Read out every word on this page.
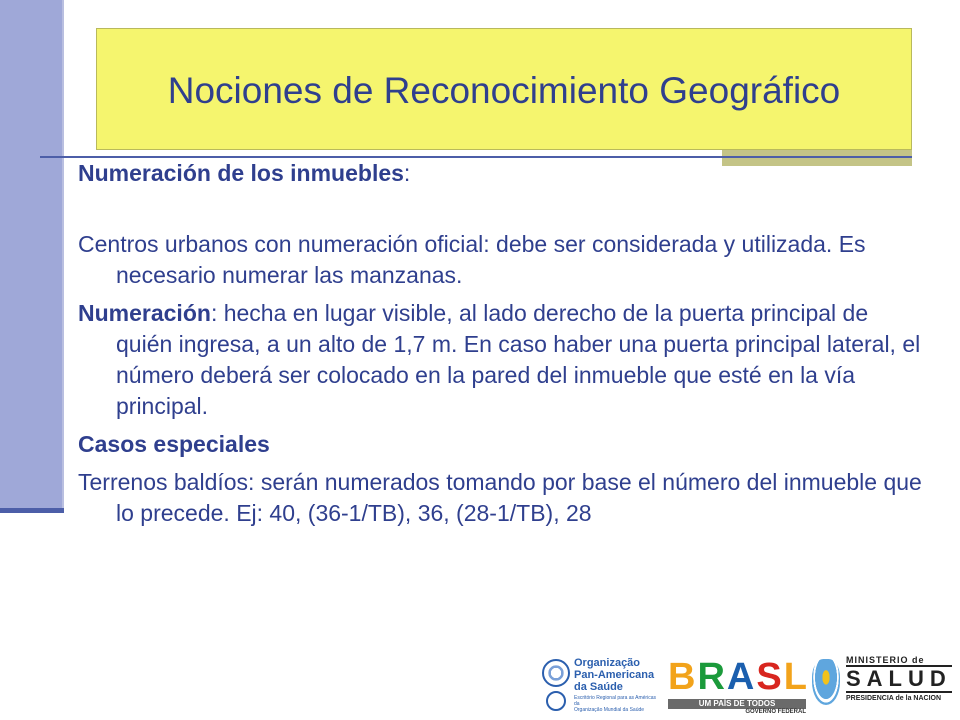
Nociones de Reconocimiento Geográfico

Numeración de los inmuebles:

Centros urbanos con numeración oficial: debe ser considerada y utilizada. Es necesario numerar las manzanas.

Numeración: hecha en lugar visible, al lado derecho de la puerta principal de quién ingresa, a un alto de 1,7 m. En caso haber una puerta principal lateral, el número deberá ser colocado en la pared del inmueble que esté en la vía principal.

Casos especiales

Terrenos baldíos: serán numerados tomando por base el número del inmueble que lo precede. Ej: 40, (36-1/TB), 36, (28-1/TB), 28

Organização
Pan-Americana
da Saúde
Escritório Regional para as Américas da
Organização Mundial da Saúde
BRASL
UM PAÍS DE TODOS
GOVERNO FEDERAL
MINISTERIO de
SALUD
PRESIDENCIA de la NACION
